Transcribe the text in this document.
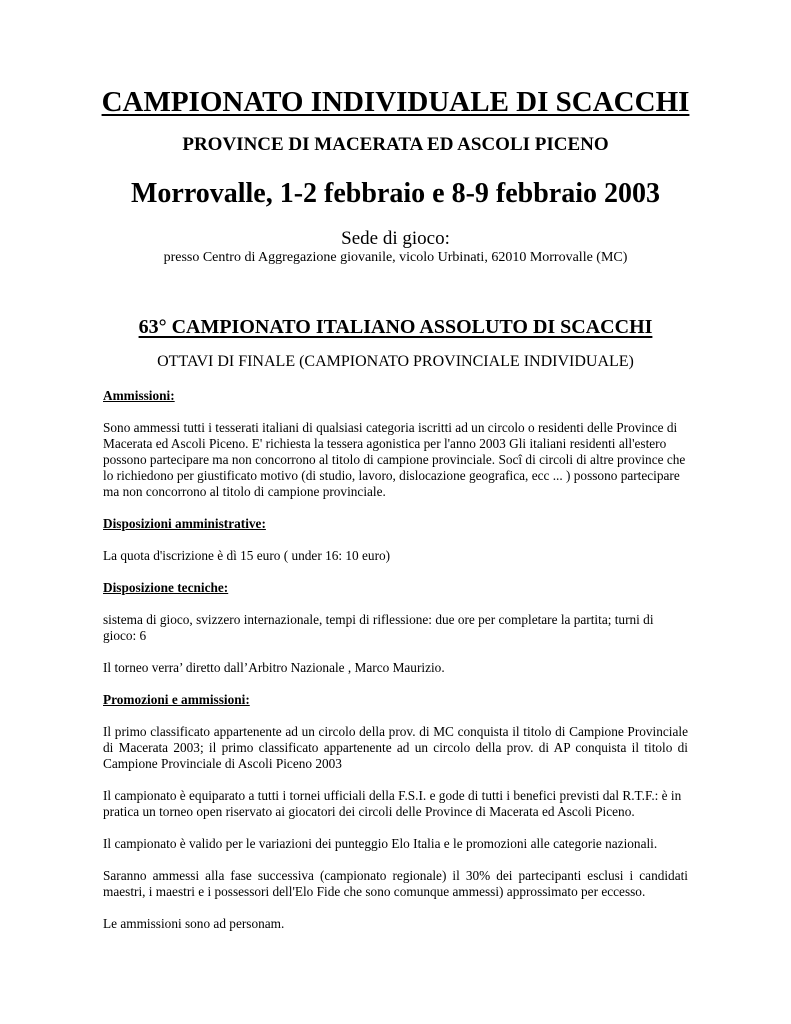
CAMPIONATO INDIVIDUALE DI SCACCHI
PROVINCE DI MACERATA ED ASCOLI PICENO
Morrovalle, 1-2 febbraio e 8-9 febbraio 2003
Sede di gioco:
presso Centro di Aggregazione giovanile, vicolo Urbinati, 62010 Morrovalle (MC)
63° CAMPIONATO ITALIANO ASSOLUTO DI SCACCHI
OTTAVI DI FINALE (CAMPIONATO PROVINCIALE INDIVIDUALE)
Ammissioni:
Sono ammessi tutti i tesserati italiani di qualsiasi categoria iscritti ad un circolo o residenti delle Province di Macerata ed Ascoli Piceno. E' richiesta la tessera agonistica per l'anno 2003 Gli italiani residenti all'estero possono partecipare ma non concorrono al titolo di campione provinciale. Socî di circoli di altre province che lo richiedono per giustificato motivo (di studio, lavoro, dislocazione geografica, ecc ... ) possono partecipare ma non concorrono al titolo di campione provinciale.
Disposizioni amministrative:
La quota d'iscrizione è dì 15 euro ( under 16: 10 euro)
Disposizione tecniche:
sistema di gioco, svizzero internazionale, tempi di riflessione: due ore per completare la partita; turni di gioco: 6
Il torneo verra’ diretto dall’Arbitro Nazionale , Marco Maurizio.
Promozioni e ammissioni:
Il primo classificato appartenente ad un circolo della prov. di MC conquista il titolo di Campione Provinciale di Macerata 2003; il primo classificato appartenente ad un circolo della prov. di AP conquista il titolo di Campione Provinciale di Ascoli Piceno 2003
Il campionato è equiparato a tutti i tornei ufficiali della F.S.I. e gode di tutti i benefici previsti dal R.T.F.: è in pratica un torneo open riservato ai giocatori dei circoli delle Province di Macerata ed Ascoli Piceno.
Il campionato è valido per le variazioni dei punteggio Elo Italia e le promozioni alle categorie nazionali.
Saranno ammessi alla fase successiva (campionato regionale) il 30% dei partecipanti esclusi i candidati maestri, i maestri e i possessori dell'Elo Fide che sono comunque ammessi) approssimato per eccesso.
Le ammissioni sono ad personam.
